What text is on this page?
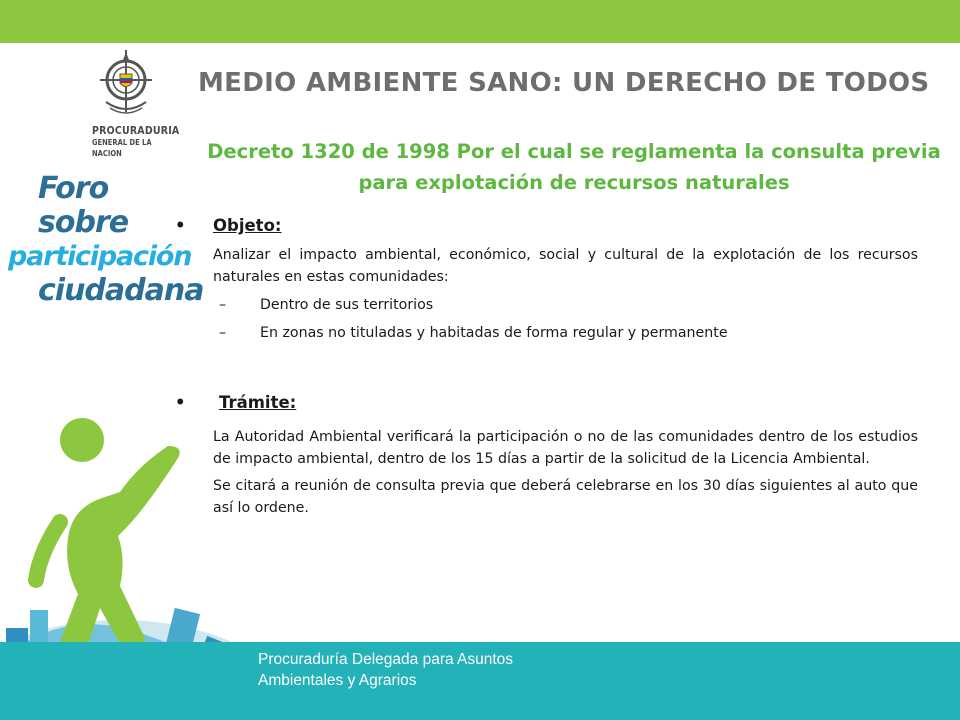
PROCURADURIA
GENERAL DE LA NACION
Foro sobre
participación
ciudadana
MEDIO AMBIENTE SANO: UN DERECHO DE TODOS
Decreto 1320 de 1998 Por el cual se reglamenta la consulta previa para explotación de recursos naturales
• Objeto:
Analizar el impacto ambiental, económico, social y cultural de la explotación de los recursos naturales en estas comunidades:
– Dentro de sus territorios
– En zonas no tituladas y habitadas de forma regular y permanente
• Trámite:
La Autoridad Ambiental verificará la participación o no de las comunidades dentro de los estudios de impacto ambiental, dentro de los 15 días a partir de la solicitud de la Licencia Ambiental.
Se citará a reunión de consulta previa que deberá celebrarse en los 30 días siguientes al auto que así lo ordene.
Procuraduría Delegada para Asuntos
Ambientales y Agrarios
